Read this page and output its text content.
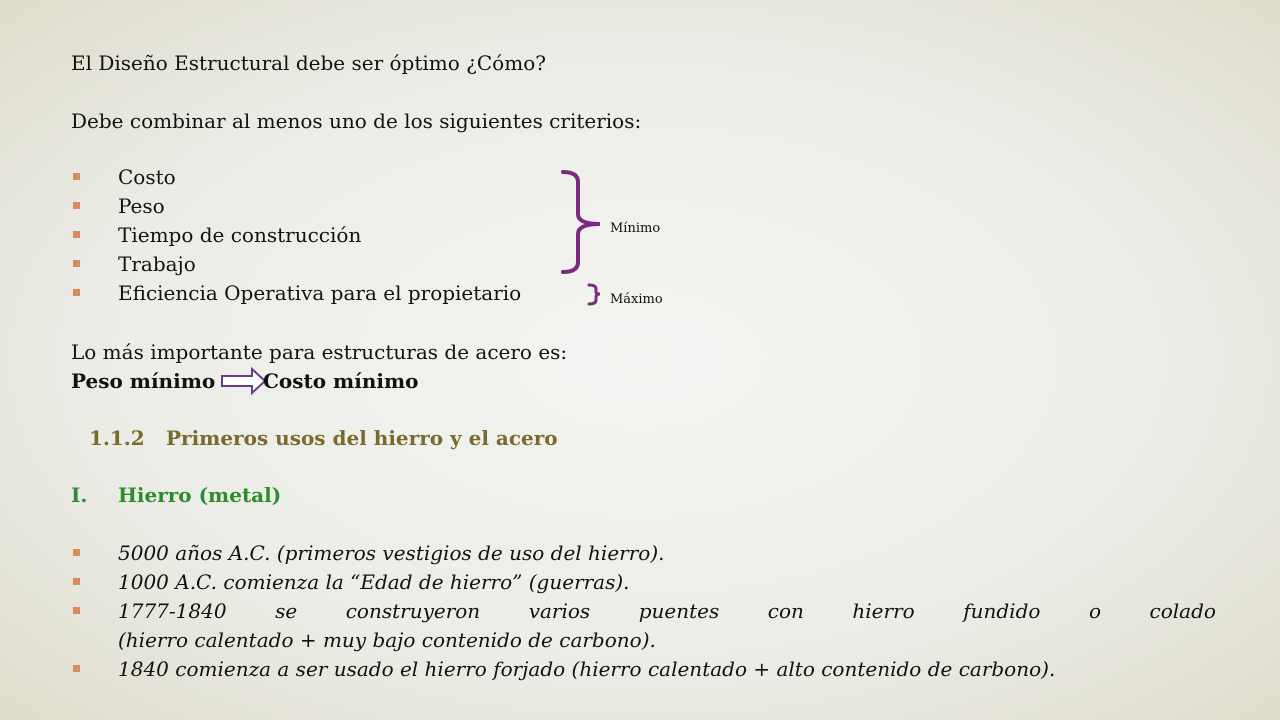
El Diseño Estructural debe ser óptimo ¿Cómo?
Debe combinar al menos uno de los siguientes criterios:
Costo
Peso
Tiempo de construcción
Trabajo
Eficiencia Operativa para el propietario
Mínimo
Máximo
Lo más importante para estructuras de acero es:
Peso mínimo Costo mínimo
1.1.2 Primeros usos del hierro y el acero
I. Hierro (metal)
5000 años A.C. (primeros vestigios de uso del hierro).
1000 A.C. comienza la “Edad de hierro” (guerras).
1777-1840 se construyeron varios puentes con hierro fundido o colado
(hierro calentado + muy bajo contenido de carbono).
1840 comienza a ser usado el hierro forjado (hierro calentado + alto contenido de carbono).
